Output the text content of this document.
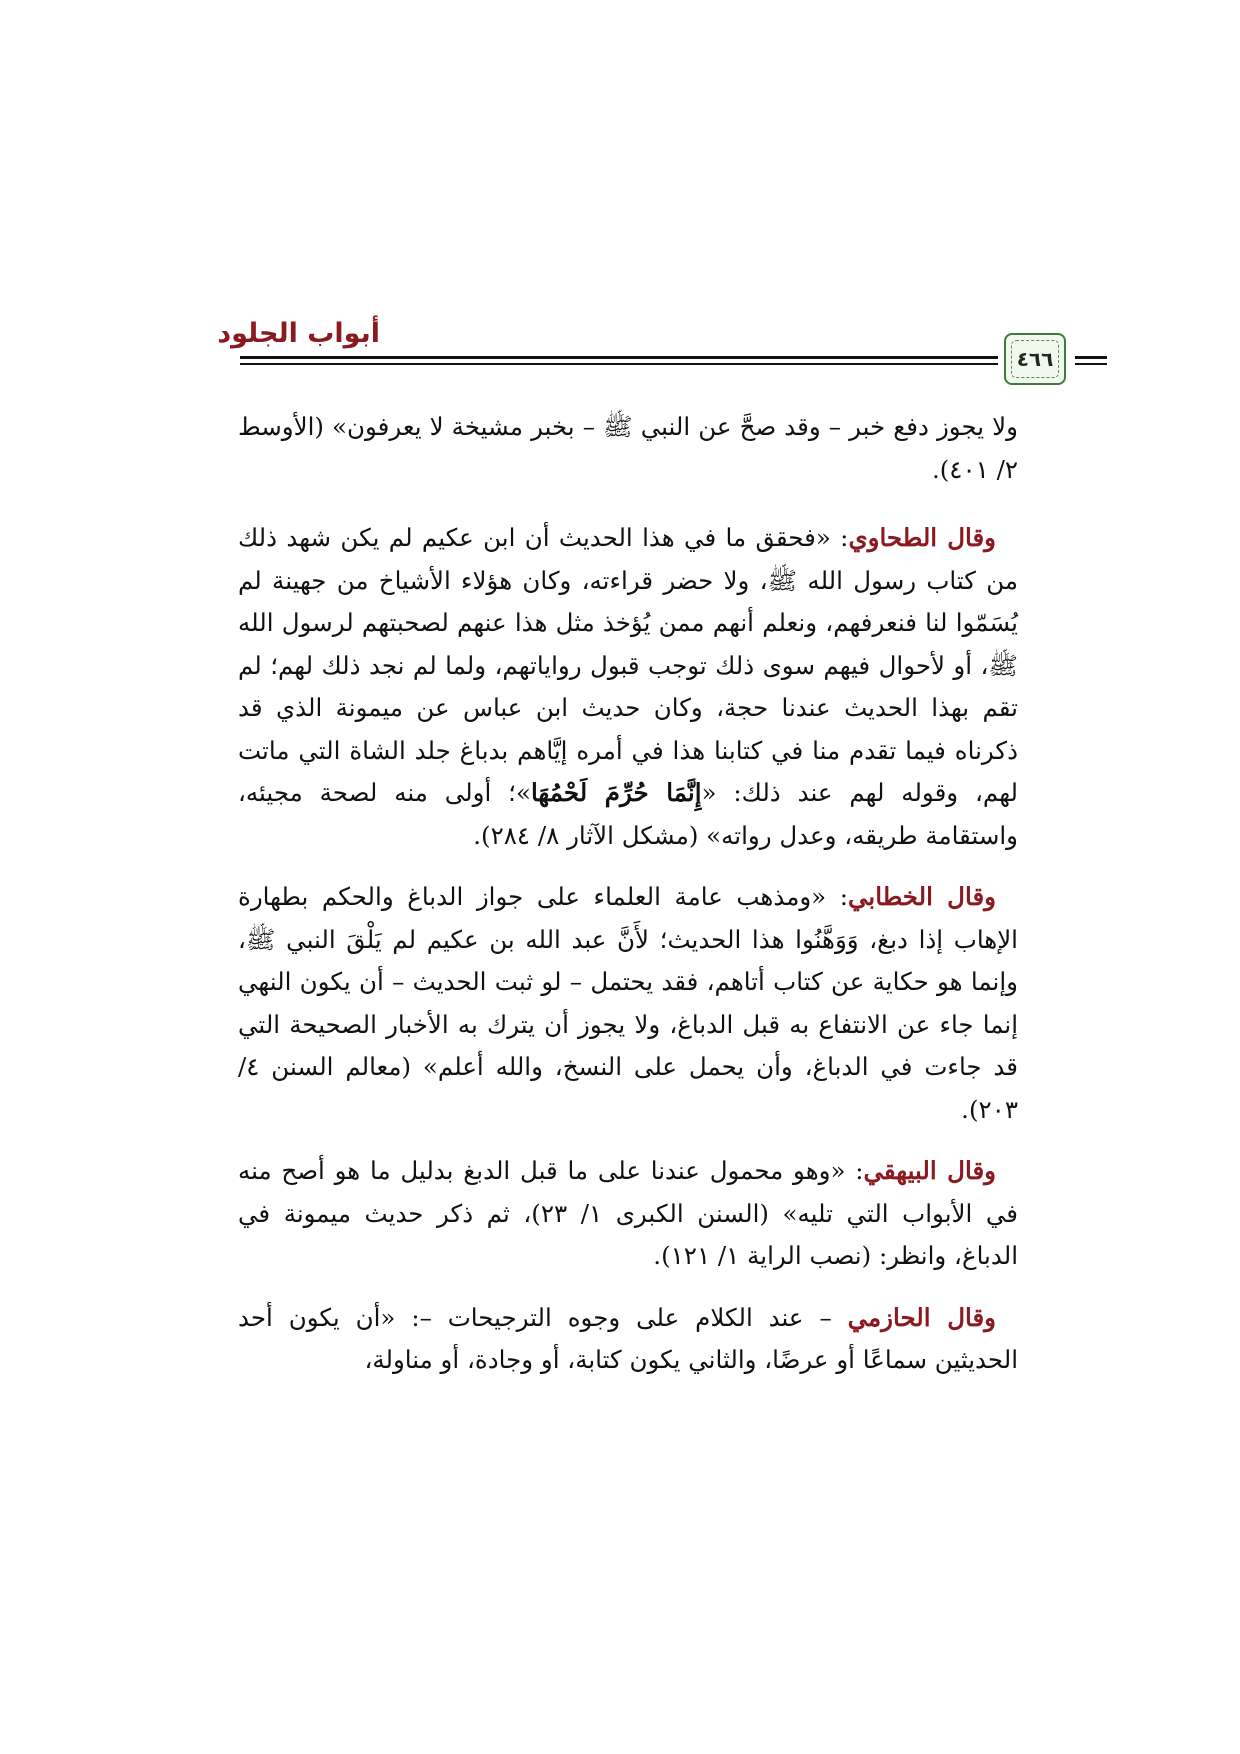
أبواب الجلود
٤٦٦

ولا يجوز دفع خبر – وقد صحَّ عن النبي ﷺ – بخبر مشيخة لا يعرفون» (الأوسط ٢/ ٤٠١).

وقال الطحاوي: «فحقق ما في هذا الحديث أن ابن عكيم لم يكن شهد ذلك من كتاب رسول الله ﷺ، ولا حضر قراءته، وكان هؤلاء الأشياخ من جهينة لم يُسَمّوا لنا فنعرفهم، ونعلم أنهم ممن يُؤخذ مثل هذا عنهم لصحبتهم لرسول الله ﷺ، أو لأحوال فيهم سوى ذلك توجب قبول رواياتهم، ولما لم نجد ذلك لهم؛ لم تقم بهذا الحديث عندنا حجة، وكان حديث ابن عباس عن ميمونة الذي قد ذكرناه فيما تقدم منا في كتابنا هذا في أمره إيَّاهم بدباغ جلد الشاة التي ماتت لهم، وقوله لهم عند ذلك: «إِنَّمَا حُرِّمَ لَحْمُهَا»؛ أولى منه لصحة مجيئه، واستقامة طريقه، وعدل رواته» (مشكل الآثار ٨/ ٢٨٤).

وقال الخطابي: «ومذهب عامة العلماء على جواز الدباغ والحكم بطهارة الإهاب إذا دبغ، وَوَهَّنُوا هذا الحديث؛ لأَنَّ عبد الله بن عكيم لم يَلْقَ النبي ﷺ، وإنما هو حكاية عن كتاب أتاهم، فقد يحتمل – لو ثبت الحديث – أن يكون النهي إنما جاء عن الانتفاع به قبل الدباغ، ولا يجوز أن يترك به الأخبار الصحيحة التي قد جاءت في الدباغ، وأن يحمل على النسخ، والله أعلم» (معالم السنن ٤/ ٢٠٣).

وقال البيهقي: «وهو محمول عندنا على ما قبل الدبغ بدليل ما هو أصح منه في الأبواب التي تليه» (السنن الكبرى ١/ ٢٣)، ثم ذكر حديث ميمونة في الدباغ، وانظر: (نصب الراية ١/ ١٢١).

وقال الحازمي – عند الكلام على وجوه الترجيحات –: «أن يكون أحد الحديثين سماعًا أو عرضًا، والثاني يكون كتابة، أو وجادة، أو مناولة،
